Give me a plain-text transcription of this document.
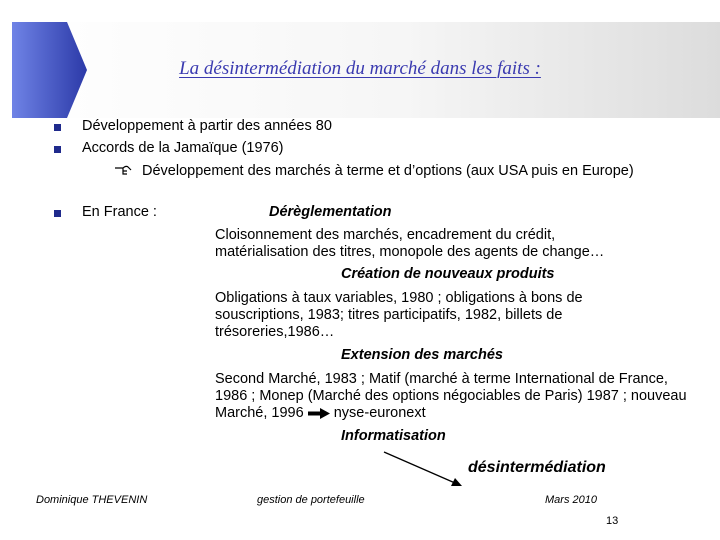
La désintermédiation du marché dans les faits :
Développement à partir des années 80
Accords de la Jamaïque (1976)
Développement des marchés à terme et d’options (aux USA puis en Europe)
En France :	Dérèglementation
Cloisonnement des marchés, encadrement du crédit, matérialisation des titres, monopole des agents de change…
Création de nouveaux produits
Obligations à taux variables, 1980 ; obligations à bons de souscriptions, 1983; titres participatifs, 1982, billets de trésoreries,1986…
Extension des marchés
Second Marché, 1983 ; Matif (marché à terme International de France, 1986 ; Monep (Marché des options négociables de Paris) 1987 ; nouveau Marché, 1996 nyse-euronext
Informatisation
désintermédiation
Dominique THEVENIN	gestion de portefeuille	Mars 2010
13
